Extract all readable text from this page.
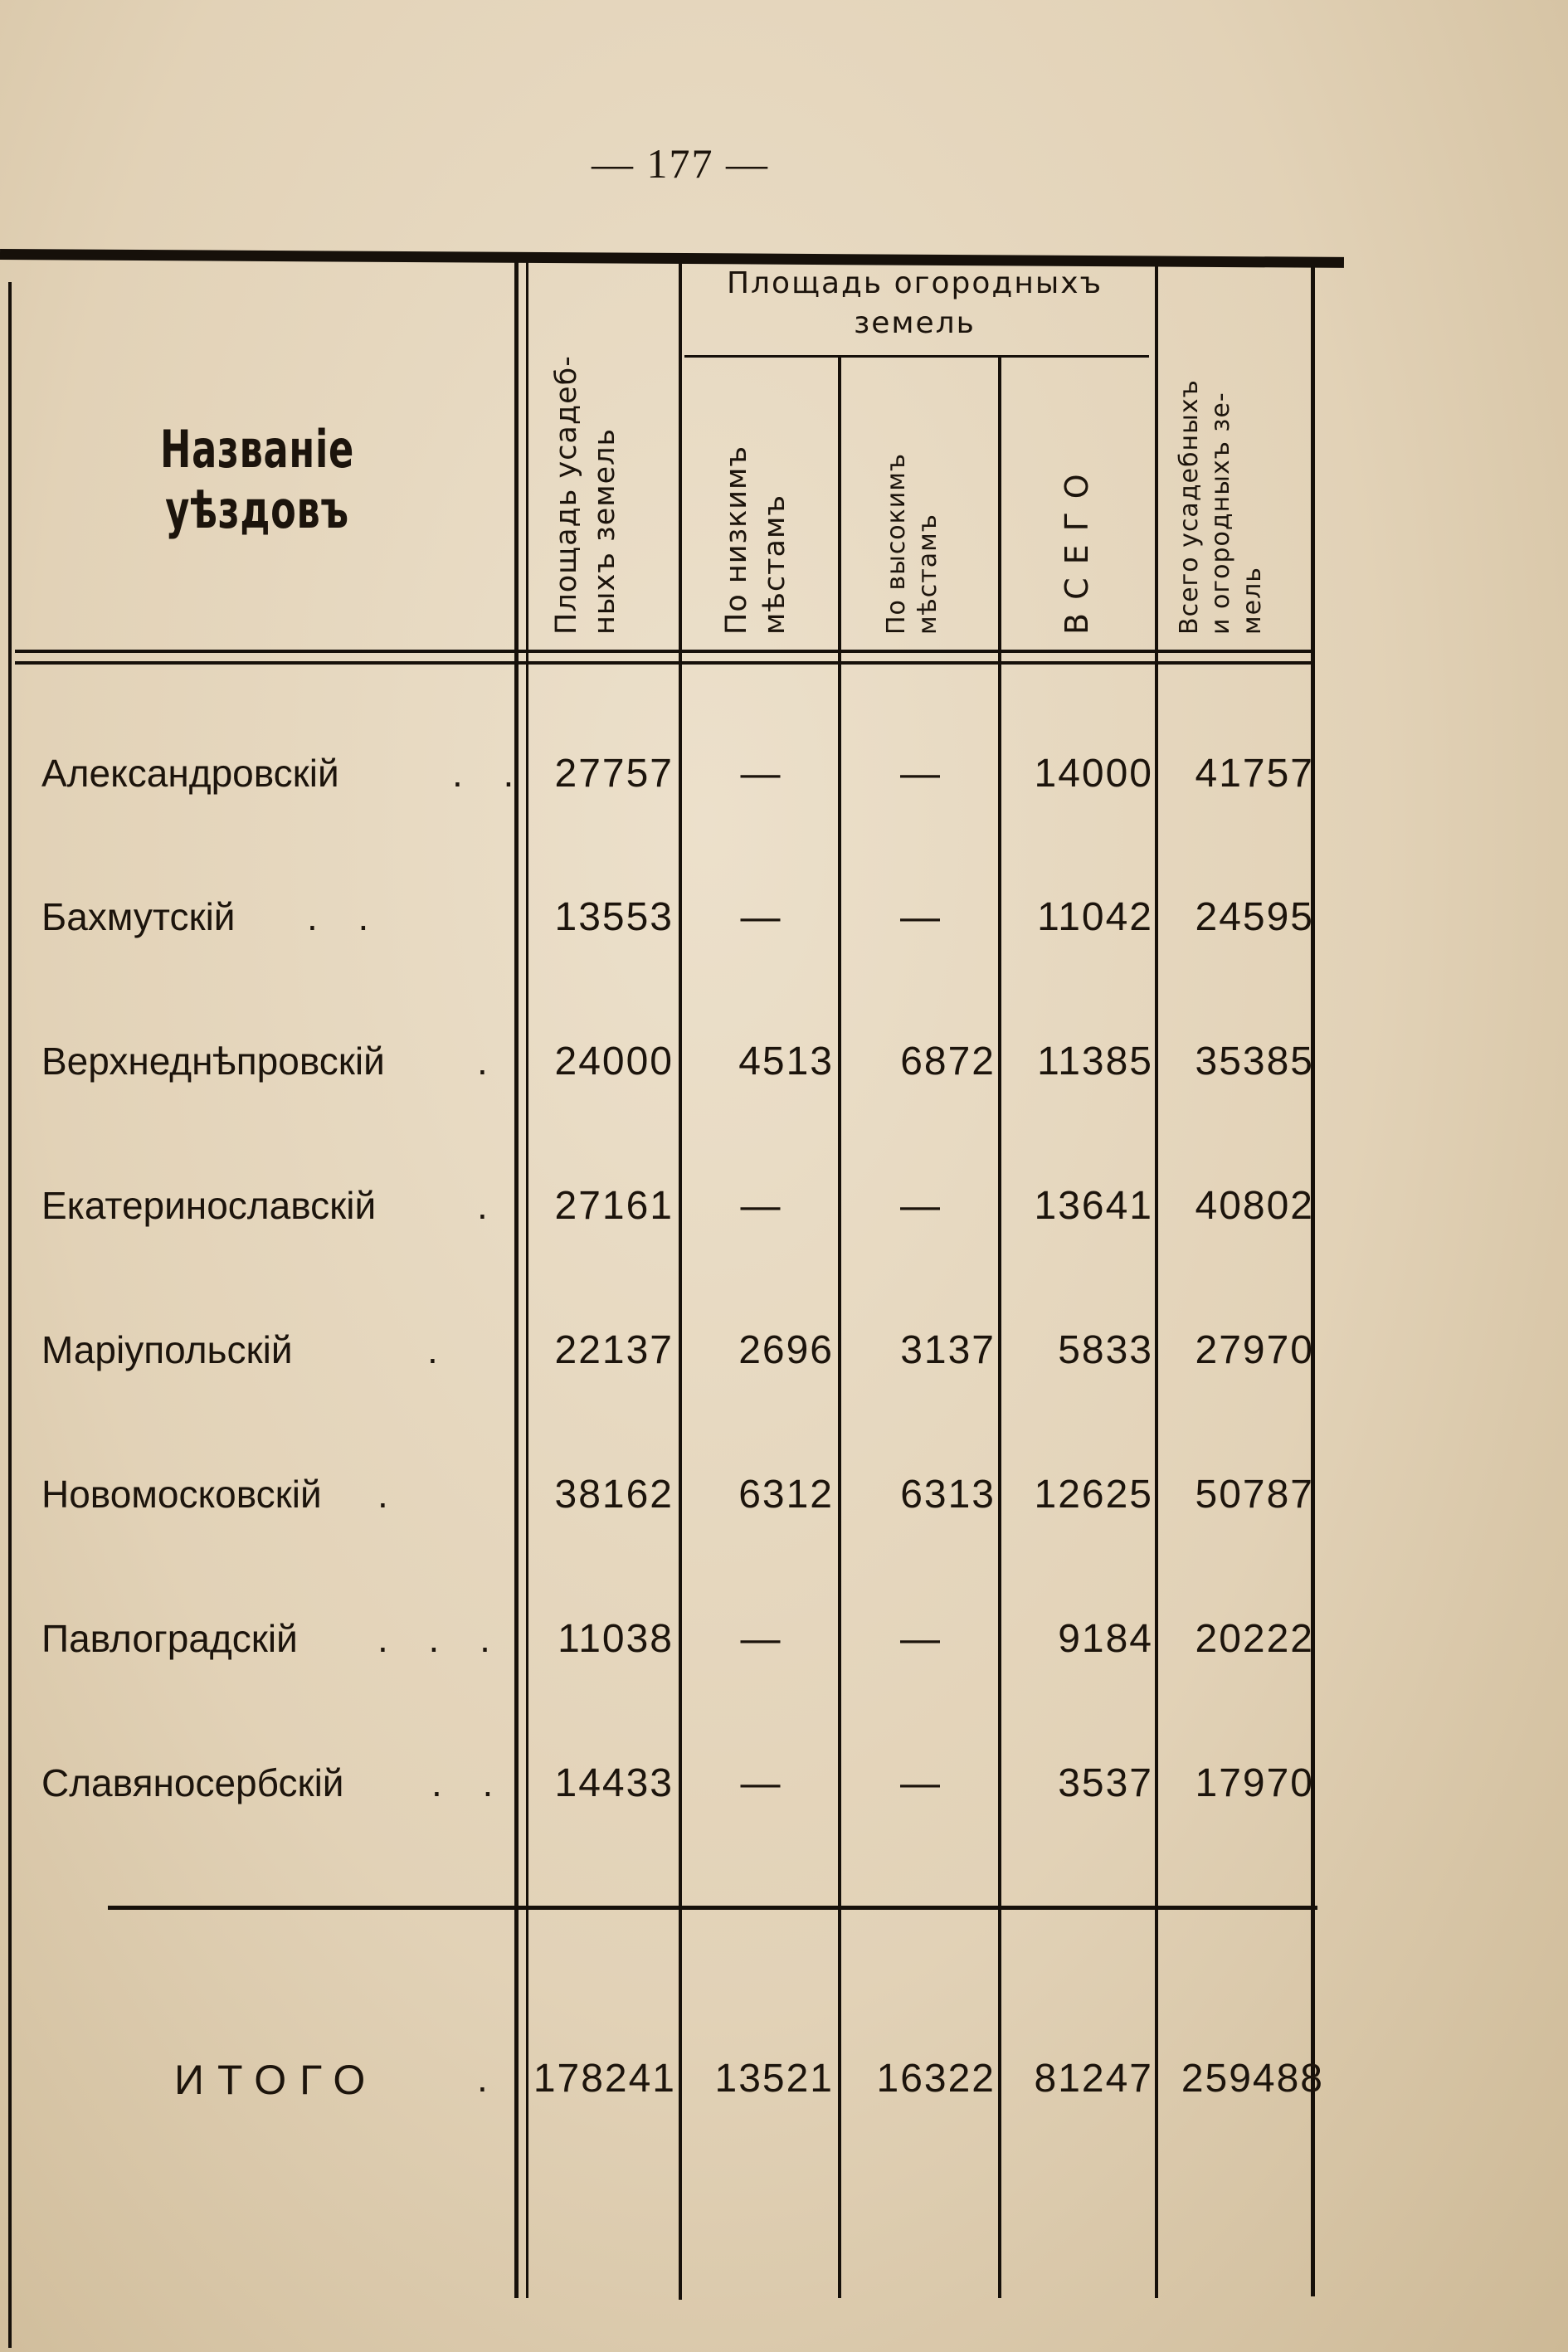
— 177 —
Названіе уѣздовъ
Площадь огородныхъ
земель
Площадь усадеб-
ныхъ земель
По низкимъ
мѣстамъ	По высокимъ
мѣстамъ	ВСЕГО	Всего усадебныхъ
и огородныхъ зе-
мель
Александровскій	. . 27757	—	—	14000	41757
Бахмутскій	. .	13553	—	—	11042	24595
Верхнеднѣпровскій	.	24000	4513	6872	11385	35385
Екатеринославскій	.	27161	—	—	13641	40802
Маріупольскій	.	22137	2696	3137	5833	27970
Новомосковскій	.	38162	6312	6313 12625	50787
Павлоградскій	. . .	11038	—	—	9184	20222
Славяносербскій	. .	14433	—	—	3537	17970
ИТОГО	. 178241 13521	16322 81247 259488
